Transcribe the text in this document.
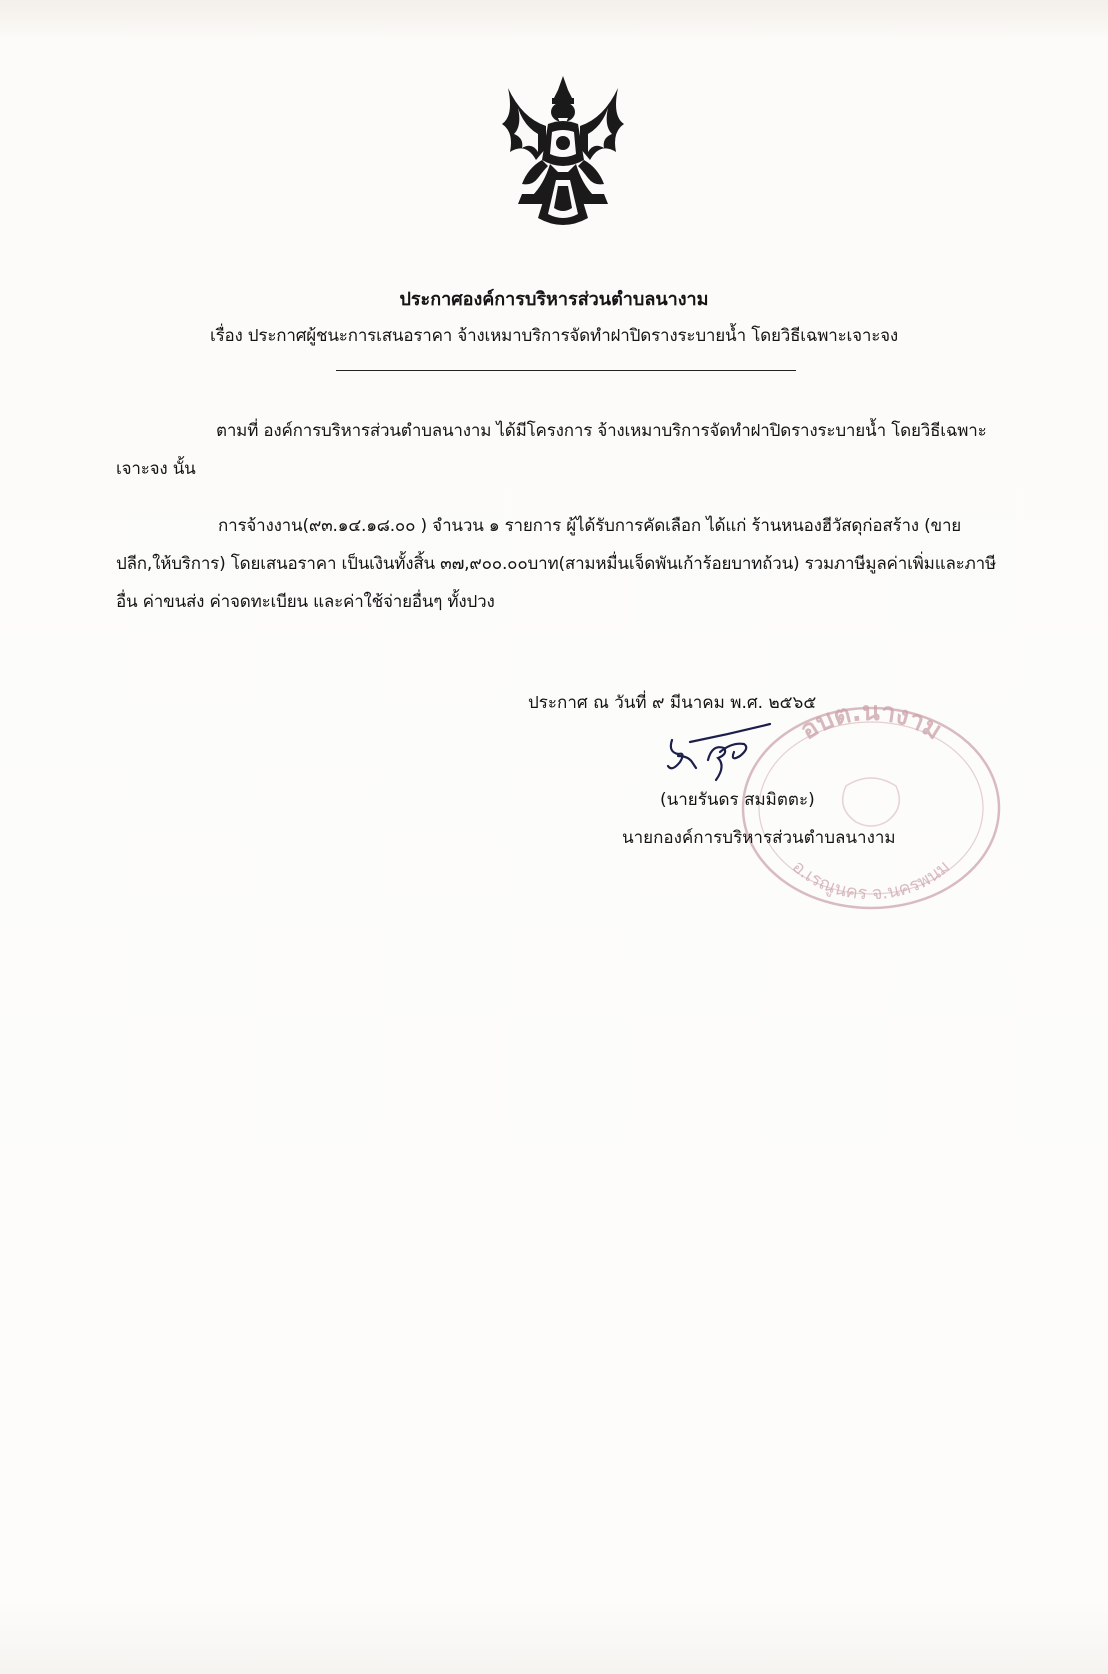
ประกาศองค์การบริหารส่วนตำบลนางาม
เรื่อง ประกาศผู้ชนะการเสนอราคา จ้างเหมาบริการจัดทำฝาปิดรางระบายน้ำ โดยวิธีเฉพาะเจาะจง
ตามที่ องค์การบริหารส่วนตำบลนางาม ได้มีโครงการ จ้างเหมาบริการจัดทำฝาปิดรางระบายน้ำ โดยวิธีเฉพาะเจาะจง นั้น
การจ้างงาน(๙๓.๑๔.๑๘.๐๐ ) จำนวน ๑ รายการ ผู้ได้รับการคัดเลือก ได้แก่ ร้านหนองฮีวัสดุก่อสร้าง (ขายปลีก,ให้บริการ) โดยเสนอราคา เป็นเงินทั้งสิ้น ๓๗,๙๐๐.๐๐บาท(สามหมื่นเจ็ดพันเก้าร้อยบาทถ้วน) รวมภาษีมูลค่าเพิ่มและภาษีอื่น ค่าขนส่ง ค่าจดทะเบียน และค่าใช้จ่ายอื่นๆ ทั้งปวง
ประกาศ ณ วันที่ ๙ มีนาคม พ.ศ. ๒๕๖๕
อบต.นางาม
อ.เรณูนคร จ.นครพนม
(นายรันดร สมมิตตะ)
นายกองค์การบริหารส่วนตำบลนางาม
